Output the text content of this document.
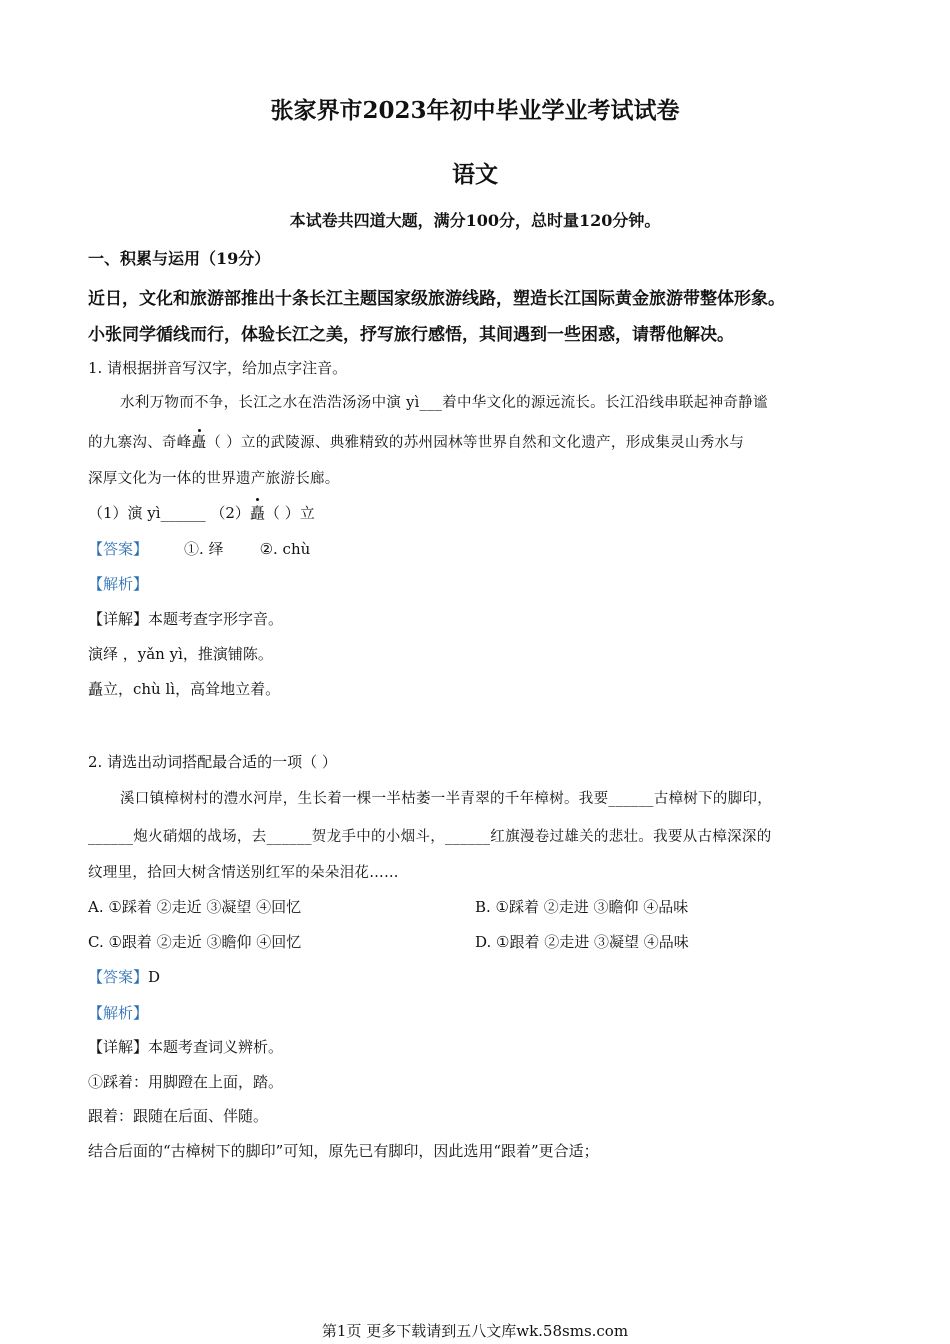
张家界市2023年初中毕业学业考试试卷
语文
本试卷共四道大题，满分100分，总时量120分钟。
一、积累与运用（19分）
近日，文化和旅游部推出十条长江主题国家级旅游线路，塑造长江国际黄金旅游带整体形象。
小张同学循线而行，体验长江之美，抒写旅行感悟，其间遇到一些困惑，请帮他解决。
1. 请根据拼音写汉字，给加点字注音。
水利万物而不争，长江之水在浩浩汤汤中演 yì___着中华文化的源远流长。长江沿线串联起神奇静谧
的九寨沟、奇峰矗（ ）立的武陵源、典雅精致的苏州园林等世界自然和文化遗产，形成集灵山秀水与
深厚文化为一体的世界遗产旅游长廊。
（1）演 yì______ （2）矗（ ）立
【答案】 ①. 绎 ②. chù
【解析】
【详解】本题考查字形字音。
演绎 ，yǎn yì，推演铺陈。
矗立，chù lì，高耸地立着。
2. 请选出动词搭配最合适的一项（ ）
溪口镇樟树村的澧水河岸，生长着一棵一半枯萎一半青翠的千年樟树。我要______古樟树下的脚印，
______炮火硝烟的战场，去______贺龙手中的小烟斗，______红旗漫卷过雄关的悲壮。我要从古樟深深的
纹理里，拾回大树含情送别红军的朵朵泪花……
A. ①踩着 ②走近 ③凝望 ④回忆	B. ①踩着 ②走进 ③瞻仰 ④品味
C. ①跟着 ②走近 ③瞻仰 ④回忆	D. ①跟着 ②走进 ③凝望 ④品味
【答案】D
【解析】
【详解】本题考查词义辨析。
①踩着：用脚蹬在上面，踏。
跟着：跟随在后面、伴随。
结合后面的“古樟树下的脚印”可知，原先已有脚印，因此选用“跟着”更合适；
第1页 更多下载请到五八文库wk.58sms.com
